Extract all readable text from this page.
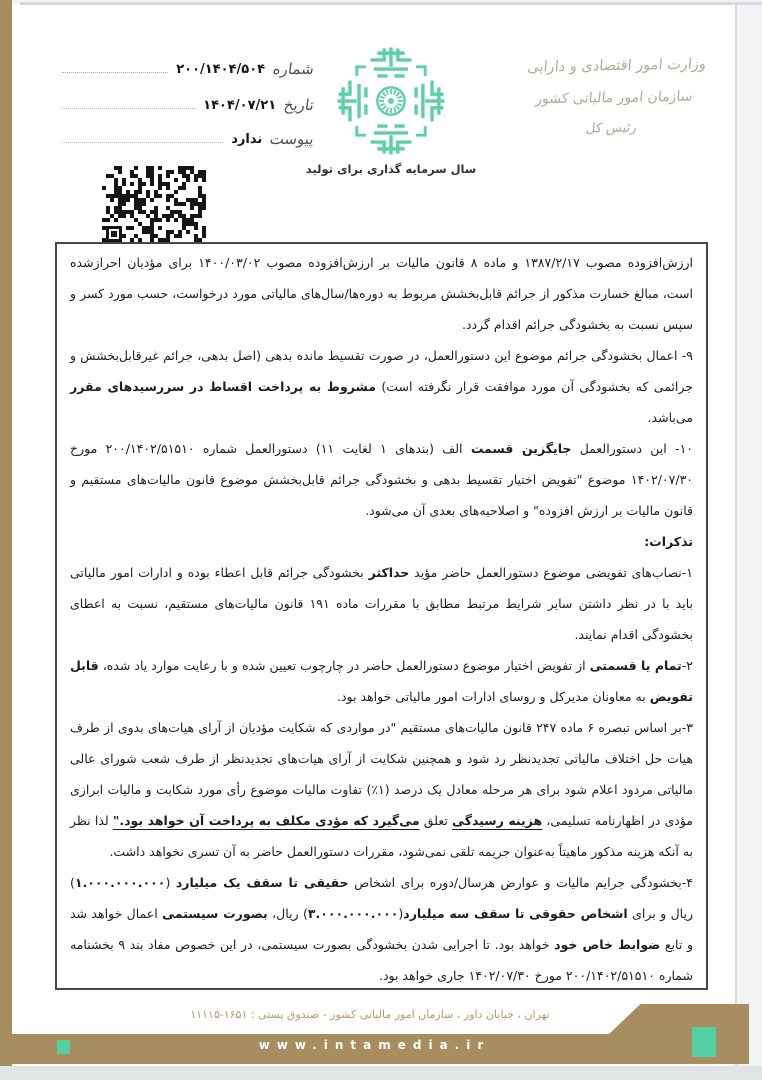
شماره
۲۰۰/۱۴۰۴/۵۰۴
تاریخ
۱۴۰۴/۰۷/۲۱
پیوست
ندارد
سال سرمایه گذاری برای تولید
وزارت امور اقتصادی و دارایی
سازمان امور مالیاتی کشور
رئیس کل

ارزش‌افزوده مصوب ۱۳۸۷/۲/۱۷ و ماده ۸ قانون مالیات بر ارزش‌افزوده مصوب ۱۴۰۰/۰۳/۰۲ برای مؤدیان احرازشده است، مبالغ خسارت مذکور از جرائم قابل‌بخشش مربوط به دوره‌ها/سال‌های مالیاتی مورد درخواست، حسب مورد کسر و سپس نسبت به بخشودگی جرائم اقدام گردد.

۹- اعمال بخشودگی جرائم موضوع این دستورالعمل، در صورت تقسیط مانده بدهی (اصل بدهی، جرائم غیرقابل‌بخشش و جرائمی که بخشودگی آن مورد موافقت قرار نگرفته است) مشروط به پرداخت اقساط در سررسیدهای مقرر می‌باشد.

۱۰- این دستورالعمل جایگزین قسمت الف (بندهای ۱ لغایت ۱۱) دستورالعمل شماره ۲۰۰/۱۴۰۲/۵۱۵۱۰ مورخ ۱۴۰۲/۰۷/۳۰ موضوع "تفویض اختیار تقسیط بدهی و بخشودگی جرائم قابل‌بخشش موضوع قانون مالیات‌های مستقیم و قانون مالیات بر ارزش افزوده" و اصلاحیه‌های بعدی آن می‌شود.

تذکرات:

۱-نصاب‌های تفویضی موضوع دستورالعمل حاضر مؤید حداکثر بخشودگی جرائم قابل اعطاء بوده و ادارات امور مالیاتی باید با در نظر داشتن سایر شرایط مرتبط مطابق با مقررات ماده ۱۹۱ قانون مالیات‌های مستقیم، نسبت به اعطای بخشودگی اقدام نمایند.

۲-تمام یا قسمتی از تفویض اختیار موضوع دستورالعمل حاضر در چارچوب تعیین شده و با رعایت موارد یاد شده، قابل تفویض به معاونان مدیرکل و روسای ادارات امور مالیاتی خواهد بود.

۳-بر اساس تبصره ۶ ماده ۲۴۷ قانون مالیات‌های مستقیم "در مواردی که شکایت مؤدیان از آرای هیات‌های بدوی از طرف هیات حل اختلاف مالیاتی تجدیدنظر رد شود و همچنین شکایت از آرای هیات‌های تجدیدنظر از طرف شعب شورای عالی مالیاتی مردود اعلام شود برای هر مرحله معادل یک درصد (۱٪) تفاوت مالیات موضوع رأی مورد شکایت و مالیات ابرازی مؤدی در اظهارنامه تسلیمی، هزینه رسیدگی تعلق می‌گیرد که مؤدی مکلف به پرداخت آن خواهد بود." لذا نظر به آنکه هزینه مذکور ماهیتاً به‌عنوان جریمه تلقی نمی‌شود، مقررات دستورالعمل حاضر به آن تسری نخواهد داشت.

۴-بخشودگی جرایم مالیات و عوارض هرسال/دوره برای اشخاص حقیقی تا سقف یک میلیارد (۱.۰۰۰.۰۰۰.۰۰۰) ریال و برای اشخاص حقوقی تا سقف سه میلیارد(۳.۰۰۰.۰۰۰.۰۰۰) ریال، بصورت سیستمی اعمال خواهد شد و تابع ضوابط خاص خود خواهد بود. تا اجرایی شدن بخشودگی بصورت سیستمی، در این خصوص مفاد بند ۹ بخشنامه شماره ۲۰۰/۱۴۰۲/۵۱۵۱۰ مورخ ۱۴۰۲/۰۷/۳۰ جاری خواهد بود.

تهران ، خیابان داور ، سازمان امور مالیاتی کشور - صندوق پستی : ۱۶۵۱-۱۱۱۱۵
www.intamedia.ir
